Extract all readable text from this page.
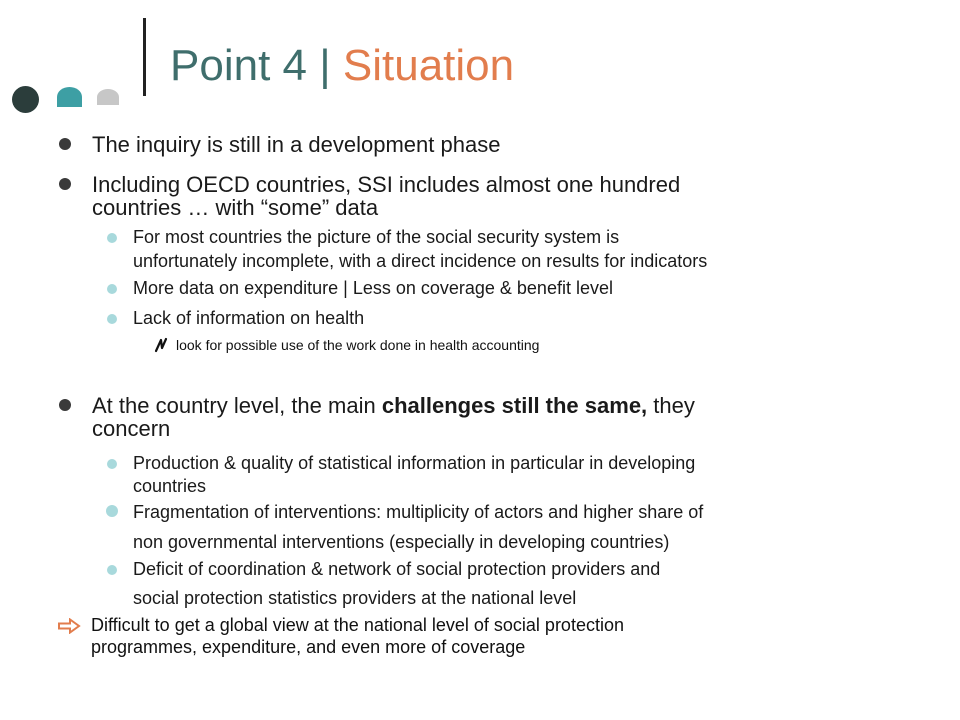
Point 4 | Situation
The inquiry is still in a development phase
Including OECD countries, SSI includes almost one hundred
countries … with “some” data
For most countries the picture of the social security system is
unfortunately incomplete, with a direct incidence on results for indicators
More data on expenditure | Less on coverage & benefit level
Lack of information on health
look for possible use of the work done in health accounting
At the country level, the main challenges still the same, they
concern
Production & quality of statistical information in particular in developing
countries
Fragmentation of interventions: multiplicity of actors and higher share of
non governmental interventions (especially in developing countries)
Deficit of coordination & network of social protection providers and
social protection statistics providers at the national level
Difficult to get a global view at the national level of social protection
programmes, expenditure, and even more of coverage
